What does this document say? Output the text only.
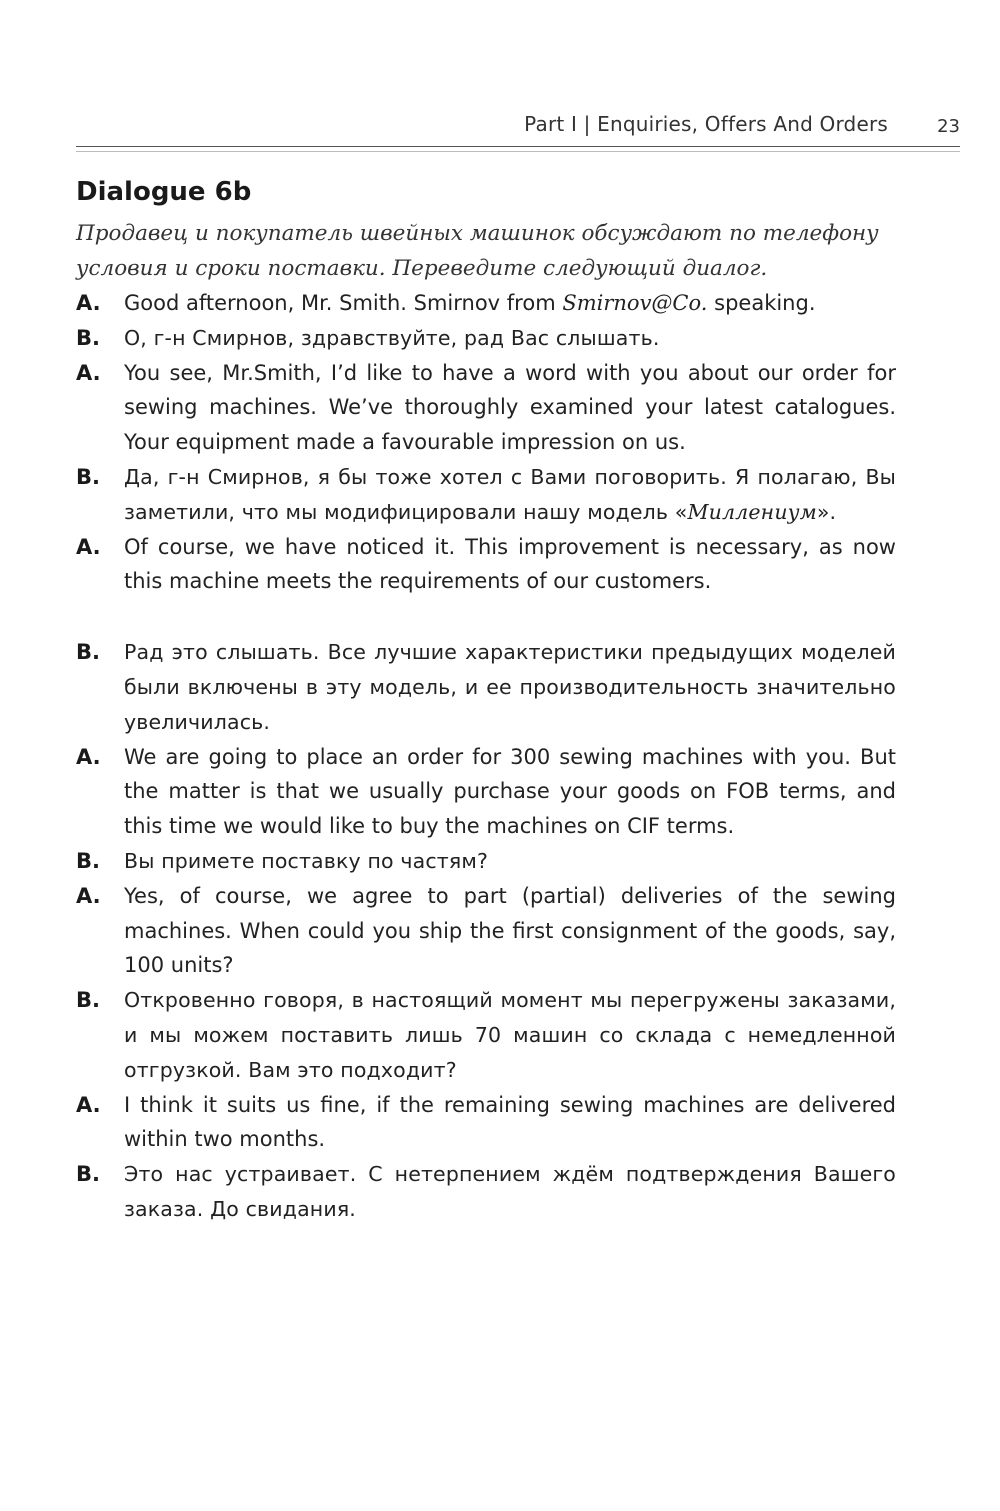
Part I | Enquiries, Offers And Orders	23
Dialogue 6b

Продавец и покупатель швейных машинок обсуждают по телефону условия и сроки поставки. Переведите следующий диалог.

A.	Good afternoon, Mr. Smith. Smirnov from Smirnov@Co. speaking.
B.	О, г-н Смирнов, здравствуйте, рад Вас слышать.
A.	You see, Mr.Smith, I’d like to have a word with you about our order for sewing machines. We’ve thoroughly examined your latest catalogues. Your equipment made a favourable impression on us.
B.	Да, г-н Смирнов, я бы тоже хотел с Вами поговорить. Я полагаю, Вы заметили, что мы модифицировали нашу модель «Миллениум».
A.	Of course, we have noticed it. This improvement is necessary, as now this machine meets the requirements of our customers.
B.	Рад это слышать. Все лучшие характеристики предыдущих моделей были включены в эту модель, и ее производительность значительно увеличилась.
A.	We are going to place an order for 300 sewing machines with you. But the matter is that we usually purchase your goods on FOB terms, and this time we would like to buy the machines on CIF terms.
B.	Вы примете поставку по частям?
A.	Yes, of course, we agree to part (partial) deliveries of the sewing machines. When could you ship the first consignment of the goods, say, 100 units?
B.	Откровенно говоря, в настоящий момент мы перегружены заказами, и мы можем поставить лишь 70 машин со склада с немедленной отгрузкой. Вам это подходит?
A.	I think it suits us fine, if the remaining sewing machines are delivered within two months.
B.	Это нас устраивает. С нетерпением ждём подтверждения Вашего заказа. До свидания.
